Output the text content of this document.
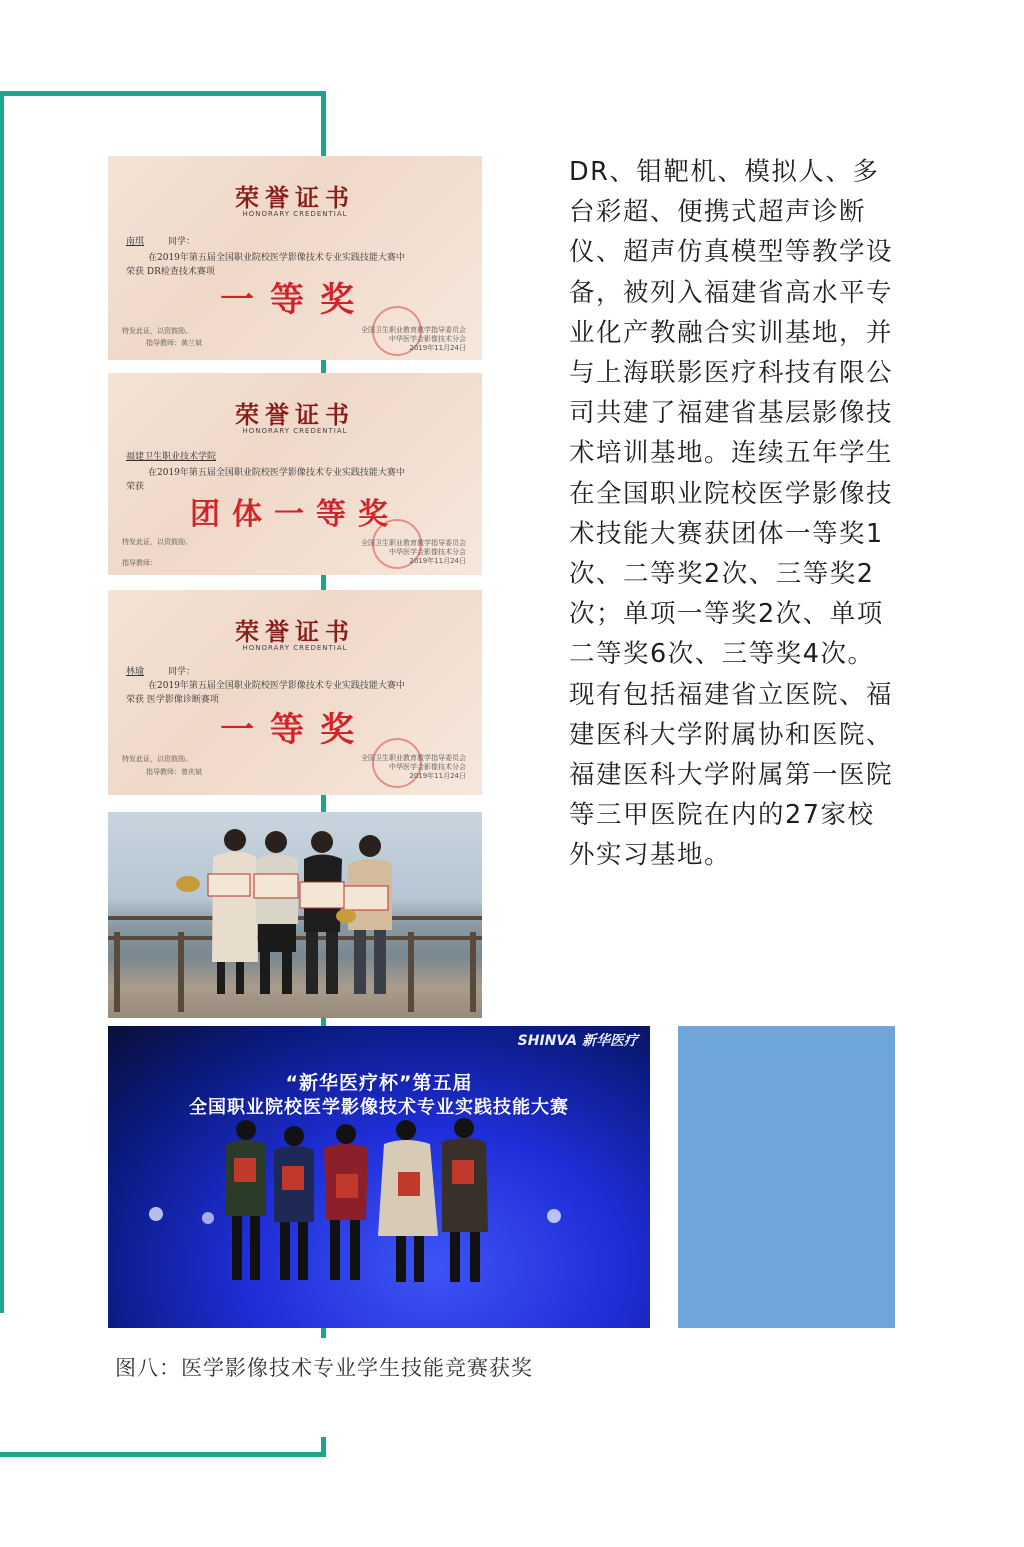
荣誉证书
HONORARY CREDENTIAL
南琪	同学：
在2019年第五届全国职业院校医学影像技术专业实践技能大赛中
荣获 DR检查技术赛项
一等奖
特发此证，以资鼓励。
指导教师：黄兰斌
全国卫生职业教育教学指导委员会
中华医学会影像技术分会
2019年11月24日
荣誉证书
HONORARY CREDENTIAL
福建卫生职业技术学院
在2019年第五届全国职业院校医学影像技术专业实践技能大赛中
荣获
团体一等奖
特发此证，以资鼓励。
指导教师：
全国卫生职业教育教学指导委员会
中华医学会影像技术分会
2019年11月24日
荣誉证书
HONORARY CREDENTIAL
林瑜	同学：
在2019年第五届全国职业院校医学影像技术专业实践技能大赛中
荣获 医学影像诊断赛项
一等奖
特发此证，以资鼓励。
指导教师：曾庆斌
全国卫生职业教育教学指导委员会
中华医学会影像技术分会
2019年11月24日
SHINVA 新华医疗
“新华医疗杯”第五届
全国职业院校医学影像技术专业实践技能大赛
DR、钼靶机、模拟人、多台彩超、便携式超声诊断仪、超声仿真模型等教学设备，被列入福建省高水平专业化产教融合实训基地，并与上海联影医疗科技有限公司共建了福建省基层影像技术培训基地。连续五年学生在全国职业院校医学影像技术技能大赛获团体一等奖1次、二等奖2次、三等奖2次；单项一等奖2次、单项二等奖6次、三等奖4次。现有包括福建省立医院、福建医科大学附属协和医院、福建医科大学附属第一医院等三甲医院在内的27家校外实习基地。
图八：医学影像技术专业学生技能竞赛获奖
